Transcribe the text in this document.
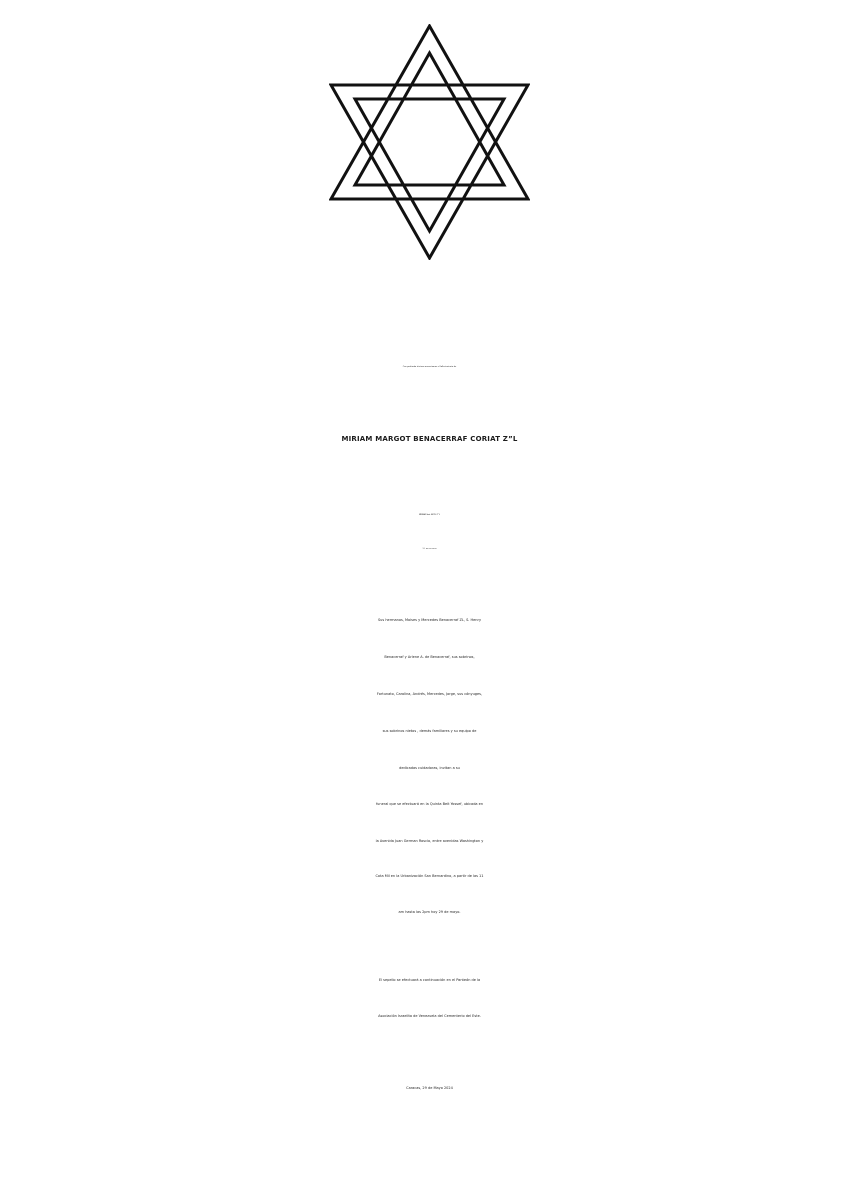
Con profunda tristeza anunciamos el fallecimiento de

MIRIAM MARGOT BENACERRAF CORIAT Z”L

MIRIAM bat SETE Z”L

מרים בת סט ז"ל

Sus hermanos, Moises y Mercedes Benacerraf ZL, S. Henry

Benacerraf y Arlene A. de Benacerraf, sus sobrinos,

Fortunato, Carolina, Andrés, Mercedes, Jorge, sus cónyuges,

sus sobrinos nietos , demás familiares y su equipo de

dedicadas cuidadoras, invitan a su

funeral que se efectuará en la Quinta Beit Yossef, ubicada en

la Avenida Juan German Roscio, entre avenidas Washington y

Cota Mil en la Urbanización San Bernardino, a partir de las 11

am hasta las 2pm hoy 29 de mayo.

El sepelio se efectuará a continuación en el Panteón de la

Asociación Israelita de Venezuela del Cementerio del Este.

Caracas, 29 de Mayo 2024
